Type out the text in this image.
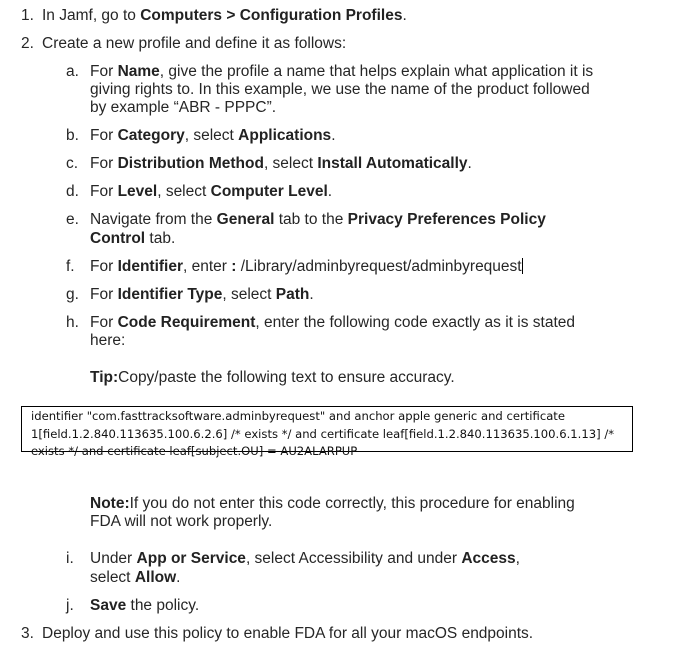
1. In Jamf, go to Computers > Configuration Profiles.
2. Create a new profile and define it as follows:
a. For Name, give the profile a name that helps explain what application it is
giving rights to. In this example, we use the name of the product followed
by example “ABR - PPPC”.
b. For Category, select Applications.
c. For Distribution Method, select Install Automatically.
d. For Level, select Computer Level.
e. Navigate from the General tab to the Privacy Preferences Policy
Control tab.
f. For Identifier, enter : /Library/adminbyrequest/adminbyrequest
g. For Identifier Type, select Path.
h. For Code Requirement, enter the following code exactly as it is stated
here:
Tip:Copy/paste the following text to ensure accuracy.
identifier "com.fasttracksoftware.adminbyrequest" and anchor apple generic and certificate
1[field.1.2.840.113635.100.6.2.6] /* exists */ and certificate leaf[field.1.2.840.113635.100.6.1.13] /*
exists */ and certificate leaf[subject.OU] = AU2ALARPUP
Note:If you do not enter this code correctly, this procedure for enabling
FDA will not work properly.
i. Under App or Service, select Accessibility and under Access,
select Allow.
j. Save the policy.
3. Deploy and use this policy to enable FDA for all your macOS endpoints.
